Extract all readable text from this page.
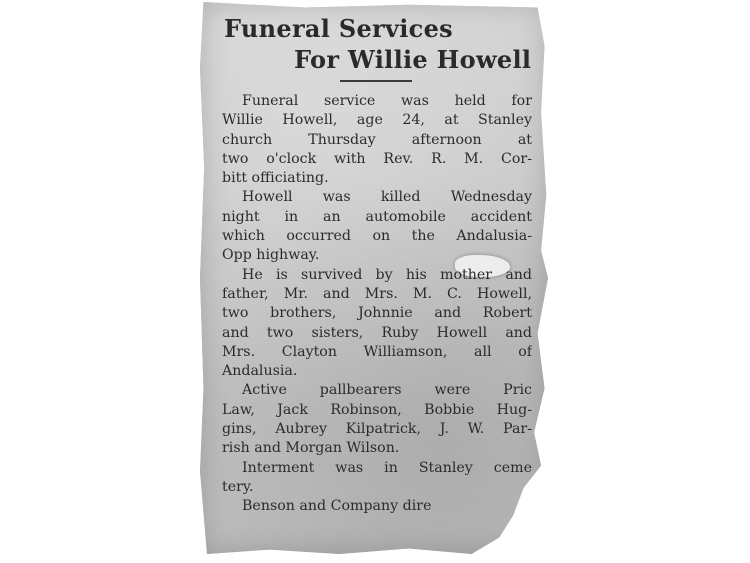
Funeral Services
For Willie Howell
Funeral service was held for
Willie Howell, age 24, at Stanley
church Thursday afternoon at
two o'clock with Rev. R. M. Cor-
bitt officiating.
Howell was killed Wednesday
night in an automobile accident
which occurred on the Andalusia-
Opp highway.
He is survived by his mother and
father, Mr. and Mrs. M. C. Howell,
two brothers, Johnnie and Robert
and two sisters, Ruby Howell and
Mrs. Clayton Williamson, all of
Andalusia.
Active pallbearers were Pric
Law, Jack Robinson, Bobbie Hug-
gins, Aubrey Kilpatrick, J. W. Par-
rish and Morgan Wilson.
Interment was in Stanley ceme
tery.
Benson and Company dire
